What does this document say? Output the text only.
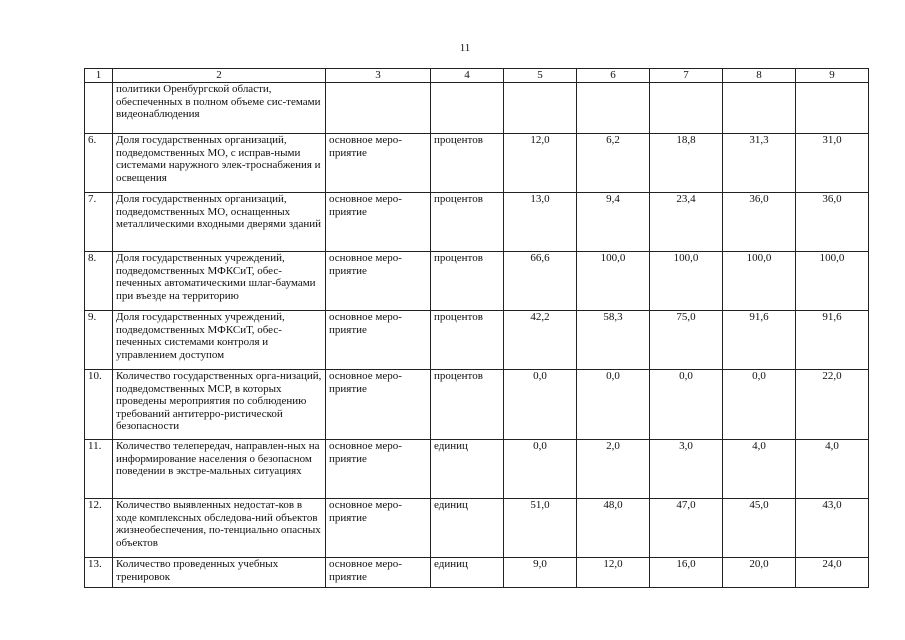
11
1	2	3	4	5	6	7	8	9
	политики Оренбургской области, обеспеченных в полном объеме сис-темами видеонаблюдения							
6.	Доля государственных организаций, подведомственных МО, с исправ-ными системами наружного элек-троснабжения и освещения	основное меро-приятие	процентов	12,0	6,2	18,8	31,3	31,0
7.	Доля государственных организаций, подведомственных МО, оснащенных металлическими входными дверями зданий	основное меро-приятие	процентов	13,0	9,4	23,4	36,0	36,0
8.	Доля государственных учреждений, подведомственных МФКСиТ, обес-печенных автоматическими шлаг-баумами при въезде на территорию	основное меро-приятие	процентов	66,6	100,0	100,0	100,0	100,0
9.	Доля государственных учреждений, подведомственных МФКСиТ, обес-печенных системами контроля и управлением доступом	основное меро-приятие	процентов	42,2	58,3	75,0	91,6	91,6
10.	Количество государственных орга-низаций, подведомственных МСР, в которых проведены мероприятия по соблюдению требований антитерро-ристической безопасности	основное меро-приятие	процентов	0,0	0,0	0,0	0,0	22,0
11.	Количество телепередач, направлен-ных на информирование населения о безопасном поведении в экстре-мальных ситуациях	основное меро-приятие	единиц	0,0	2,0	3,0	4,0	4,0
12.	Количество выявленных недостат-ков в ходе комплексных обследова-ний объектов жизнеобеспечения, по-тенциально опасных объектов	основное меро-приятие	единиц	51,0	48,0	47,0	45,0	43,0
13.	Количество проведенных учебных тренировок	основное меро-приятие	единиц	9,0	12,0	16,0	20,0	24,0
